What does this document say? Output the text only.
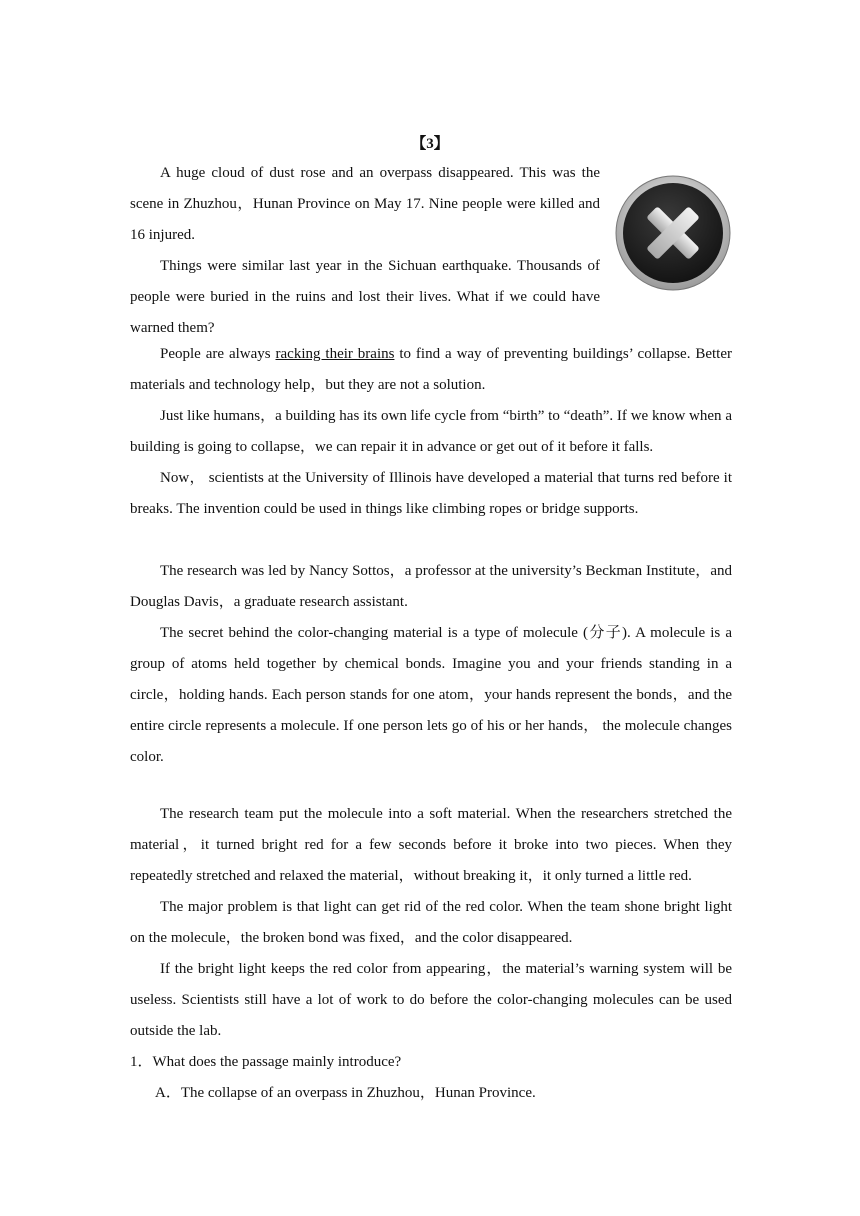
【3】

A huge cloud of dust rose and an overpass disappeared. This was the scene in Zhuzhou，Hunan Province on May 17. Nine people were killed and 16 injured.

Things were similar last year in the Sichuan earthquake. Thousands of people were buried in the ruins and lost their lives. What if we could have warned them?

People are always racking their brains to find a way of preventing buildings’ collapse. Better materials and technology help，but they are not a solution.

Just like humans，a building has its own life cycle from “birth” to “death”. If we know when a building is going to collapse，we can repair it in advance or get out of it before it falls.

Now， scientists at the University of Illinois have developed a material that turns red before it breaks. The invention could be used in things like climbing ropes or bridge supports.

The research was led by Nancy Sottos，a professor at the university’s Beckman Institute，and Douglas Davis，a graduate research assistant.

The secret behind the color-changing material is a type of molecule (分子). A molecule is a group of atoms held together by chemical bonds. Imagine you and your friends standing in a circle，holding hands. Each person stands for one atom，your hands represent the bonds，and the entire circle represents a molecule. If one person lets go of his or her hands， the molecule changes color.

The research team put the molecule into a soft material. When the researchers stretched the material，it turned bright red for a few seconds before it broke into two pieces. When they repeatedly stretched and relaxed the material，without breaking it，it only turned a little red.

The major problem is that light can get rid of the red color. When the team shone bright light on the molecule，the broken bond was fixed，and the color disappeared.

If the bright light keeps the red color from appearing，the material’s warning system will be useless. Scientists still have a lot of work to do before the color-changing molecules can be used outside the lab.

1．What does the passage mainly introduce?
A．The collapse of an overpass in Zhuzhou，Hunan Province.
